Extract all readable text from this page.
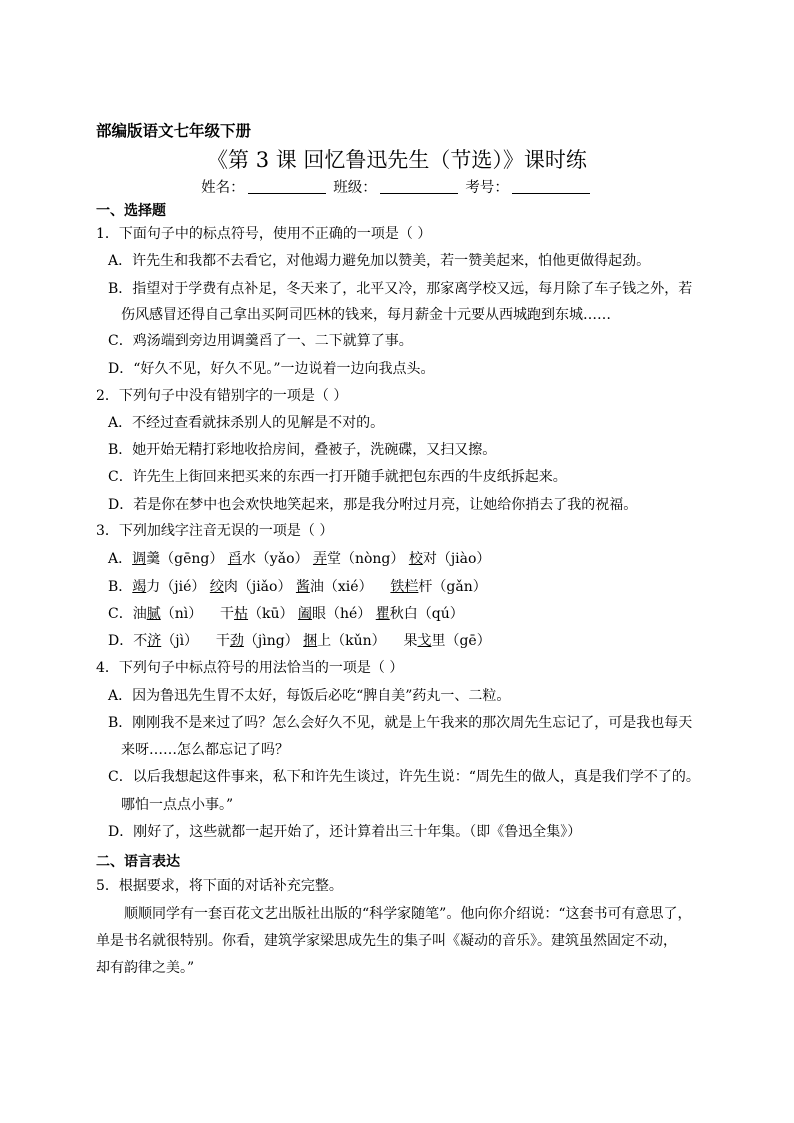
部编版语文七年级下册
《第 3 课 回忆鲁迅先生（节选）》课时练
姓名：	班级：	考号：
一、选择题
1．下面句子中的标点符号，使用不正确的一项是（ ）
A．许先生和我都不去看它，对他竭力避免加以赞美，若一赞美起来，怕他更做得起劲。
B．指望对于学费有点补足，冬天来了，北平又冷，那家离学校又远，每月除了车子钱之外，若
伤风感冒还得自己拿出买阿司匹林的钱来，每月薪金十元要从西城跑到东城……
C．鸡汤端到旁边用调羹舀了一、二下就算了事。
D．“好久不见，好久不见。”一边说着一边向我点头。
2．下列句子中没有错别字的一项是（ ）
A．不经过查看就抹杀别人的见解是不对的。
B．她开始无精打彩地收拾房间，叠被子，洗碗碟，又扫又擦。
C．许先生上街回来把买来的东西一打开随手就把包东西的牛皮纸拆起来。
D．若是你在梦中也会欢快地笑起来，那是我分咐过月亮，让她给你捎去了我的祝福。
3．下列加线字注音无误的一项是（ ）
A．调羹（gēng） 舀水（yǎo） 弄堂（nòng） 校对（jiào）
B．竭力（jié） 绞肉（jiǎo） 酱油（xié） 铁栏杆（gǎn）
C．油腻（nì） 干枯（kū） 阖眼（hé） 瞿秋白（qú）
D．不济（jì） 干劲（jìng） 捆上（kǔn） 果戈里（gē）
4．下列句子中标点符号的用法恰当的一项是（ ）
A．因为鲁迅先生胃不太好，每饭后必吃“脾自美”药丸一、二粒。
B．刚刚我不是来过了吗？怎么会好久不见，就是上午我来的那次周先生忘记了，可是我也每天
来呀……怎么都忘记了吗？
C．以后我想起这件事来，私下和许先生谈过，许先生说：“周先生的做人，真是我们学不了的。
哪怕一点点小事。”
D．刚好了，这些就都一起开始了，还计算着出三十年集。（即《鲁迅全集》）
二、语言表达
5．根据要求，将下面的对话补充完整。
顺顺同学有一套百花文艺出版社出版的“科学家随笔”。他向你介绍说：“这套书可有意思了，
单是书名就很特别。你看，建筑学家梁思成先生的集子叫《凝动的音乐》。建筑虽然固定不动，
却有韵律之美。”
